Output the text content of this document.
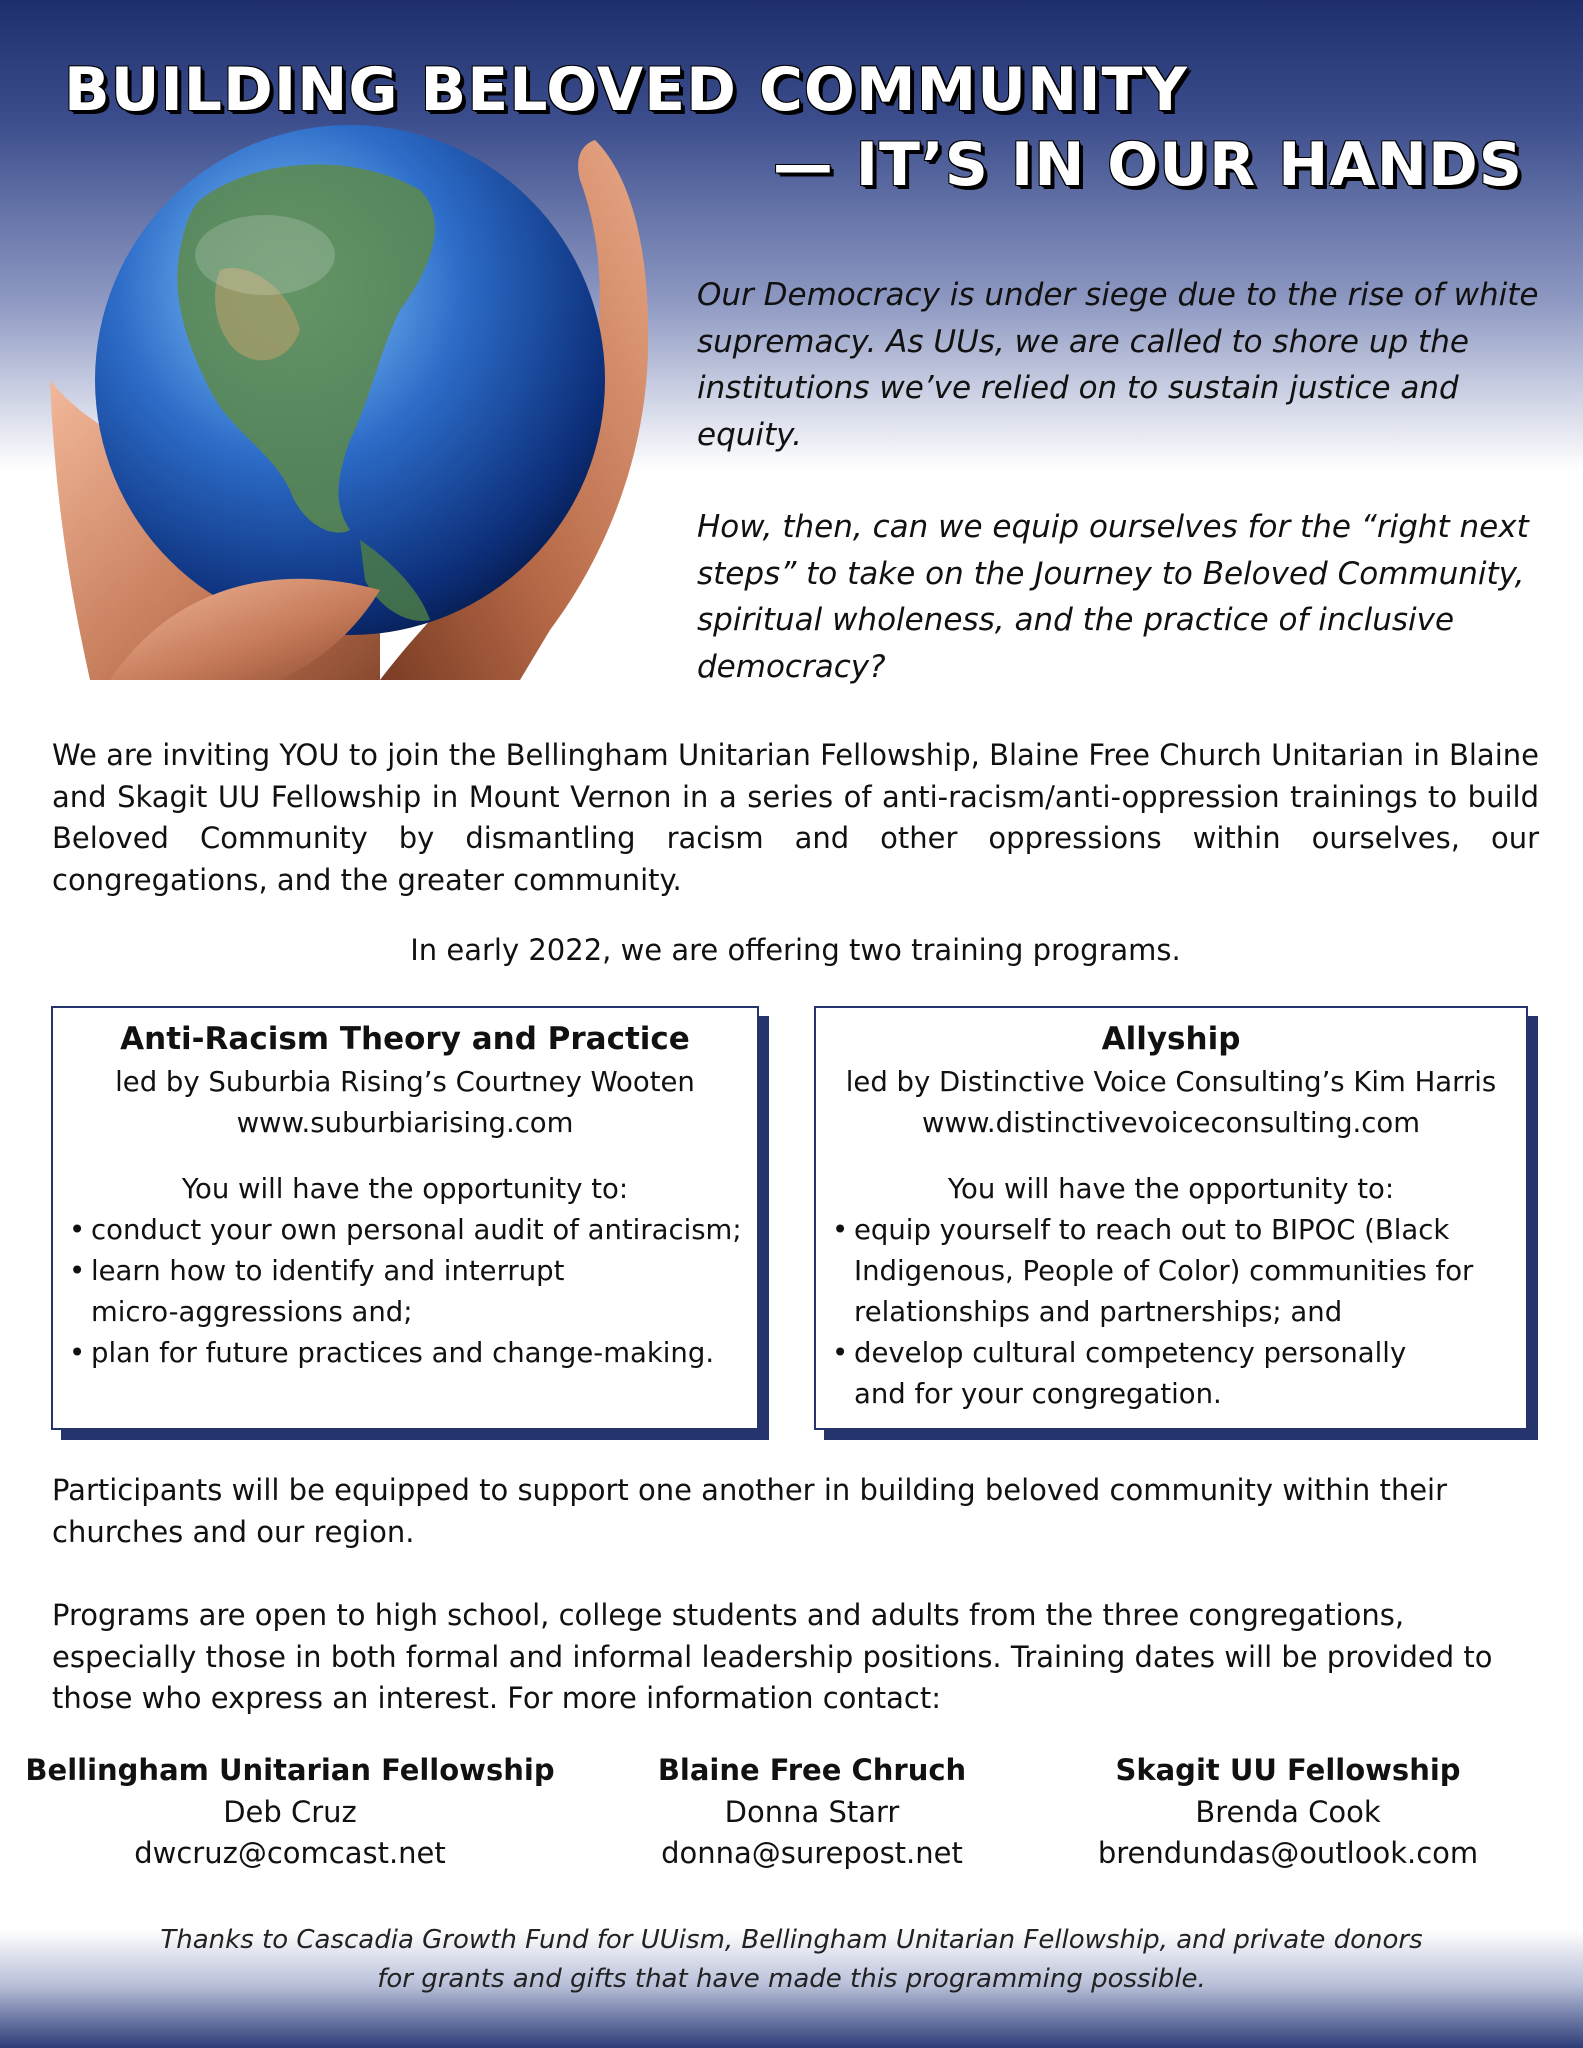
BUILDING BELOVED COMMUNITY
— IT’S IN OUR HANDS

Our Democracy is under siege due to the rise of white supremacy. As UUs, we are called to shore up the institutions we’ve relied on to sustain justice and equity.

How, then, can we equip ourselves for the “right next steps” to take on the Journey to Beloved Community, spiritual wholeness, and the practice of inclusive democracy?

We are inviting YOU to join the Bellingham Unitarian Fellowship, Blaine Free Church Unitarian in Blaine and Skagit UU Fellowship in Mount Vernon in a series of anti-racism/anti-oppression trainings to build Beloved Community by dismantling racism and other oppressions within ourselves, our congregations, and the greater community.

In early 2022, we are offering two training programs.

Anti-Racism Theory and Practice
led by Suburbia Rising’s Courtney Wooten
www.suburbiarising.com
You will have the opportunity to:
• conduct your own personal audit of antiracism;
• learn how to identify and interrupt micro-aggressions and;
• plan for future practices and change-making.
Allyship
led by Distinctive Voice Consulting’s Kim Harris
www.distinctivevoiceconsulting.com
You will have the opportunity to:
• equip yourself to reach out to BIPOC (Black Indigenous, People of Color) communities for relationships and partnerships; and
• develop cultural competency personally and for your congregation.

Participants will be equipped to support one another in building beloved community within their churches and our region.

Programs are open to high school, college students and adults from the three congregations, especially those in both formal and informal leadership positions. Training dates will be provided to those who express an interest. For more information contact:

Bellingham Unitarian Fellowship
Deb Cruz
dwcruz@comcast.net
Blaine Free Chruch
Donna Starr
donna@surepost.net
Skagit UU Fellowship
Brenda Cook
brendundas@outlook.com
Thanks to Cascadia Growth Fund for UUism, Bellingham Unitarian Fellowship, and private donors
for grants and gifts that have made this programming possible.
